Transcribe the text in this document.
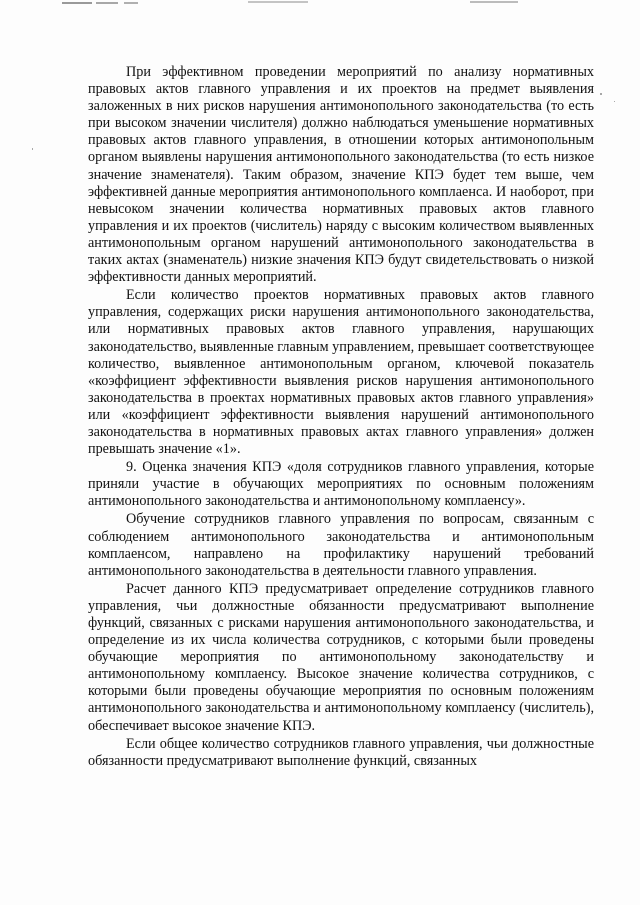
При эффективном проведении мероприятий по анализу нормативных правовых актов главного управления и их проектов на предмет выявления заложенных в них рисков нарушения антимонопольного законодательства (то есть при высоком значении числителя) должно наблюдаться уменьшение нормативных правовых актов главного управления, в отношении которых антимонопольным органом выявлены нарушения антимонопольного законодательства (то есть низкое значение знаменателя). Таким образом, значение КПЭ будет тем выше, чем эффективней данные мероприятия антимонопольного комплаенса. И наоборот, при невысоком значении количества нормативных правовых актов главного управления и их проектов (числитель) наряду с высоким количеством выявленных антимонопольным органом нарушений антимонопольного законодательства в таких актах (знаменатель) низкие значения КПЭ будут свидетельствовать о низкой эффективности данных мероприятий.

Если количество проектов нормативных правовых актов главного управления, содержащих риски нарушения антимонопольного законодательства, или нормативных правовых актов главного управления, нарушающих законодательство, выявленные главным управлением, превышает соответствующее количество, выявленное антимонопольным органом, ключевой показатель «коэффициент эффективности выявления рисков нарушения антимонопольного законодательства в проектах нормативных правовых актов главного управления» или «коэффициент эффективности выявления нарушений антимонопольного законодательства в нормативных правовых актах главного управления» должен превышать значение «1».

9. Оценка значения КПЭ «доля сотрудников главного управления, которые приняли участие в обучающих мероприятиях по основным положениям антимонопольного законодательства и антимонопольному комплаенсу».

Обучение сотрудников главного управления по вопросам, связанным с соблюдением антимонопольного законодательства и антимонопольным комплаенсом, направлено на профилактику нарушений требований антимонопольного законодательства в деятельности главного управления.

Расчет данного КПЭ предусматривает определение сотрудников главного управления, чьи должностные обязанности предусматривают выполнение функций, связанных с рисками нарушения антимонопольного законодательства, и определение из их числа количества сотрудников, с которыми были проведены обучающие мероприятия по антимонопольному законодательству и антимонопольному комплаенсу. Высокое значение количества сотрудников, с которыми были проведены обучающие мероприятия по основным положениям антимонопольного законодательства и антимонопольному комплаенсу (числитель), обеспечивает высокое значение КПЭ.

Если общее количество сотрудников главного управления, чьи должностные обязанности предусматривают выполнение функций, связанных
